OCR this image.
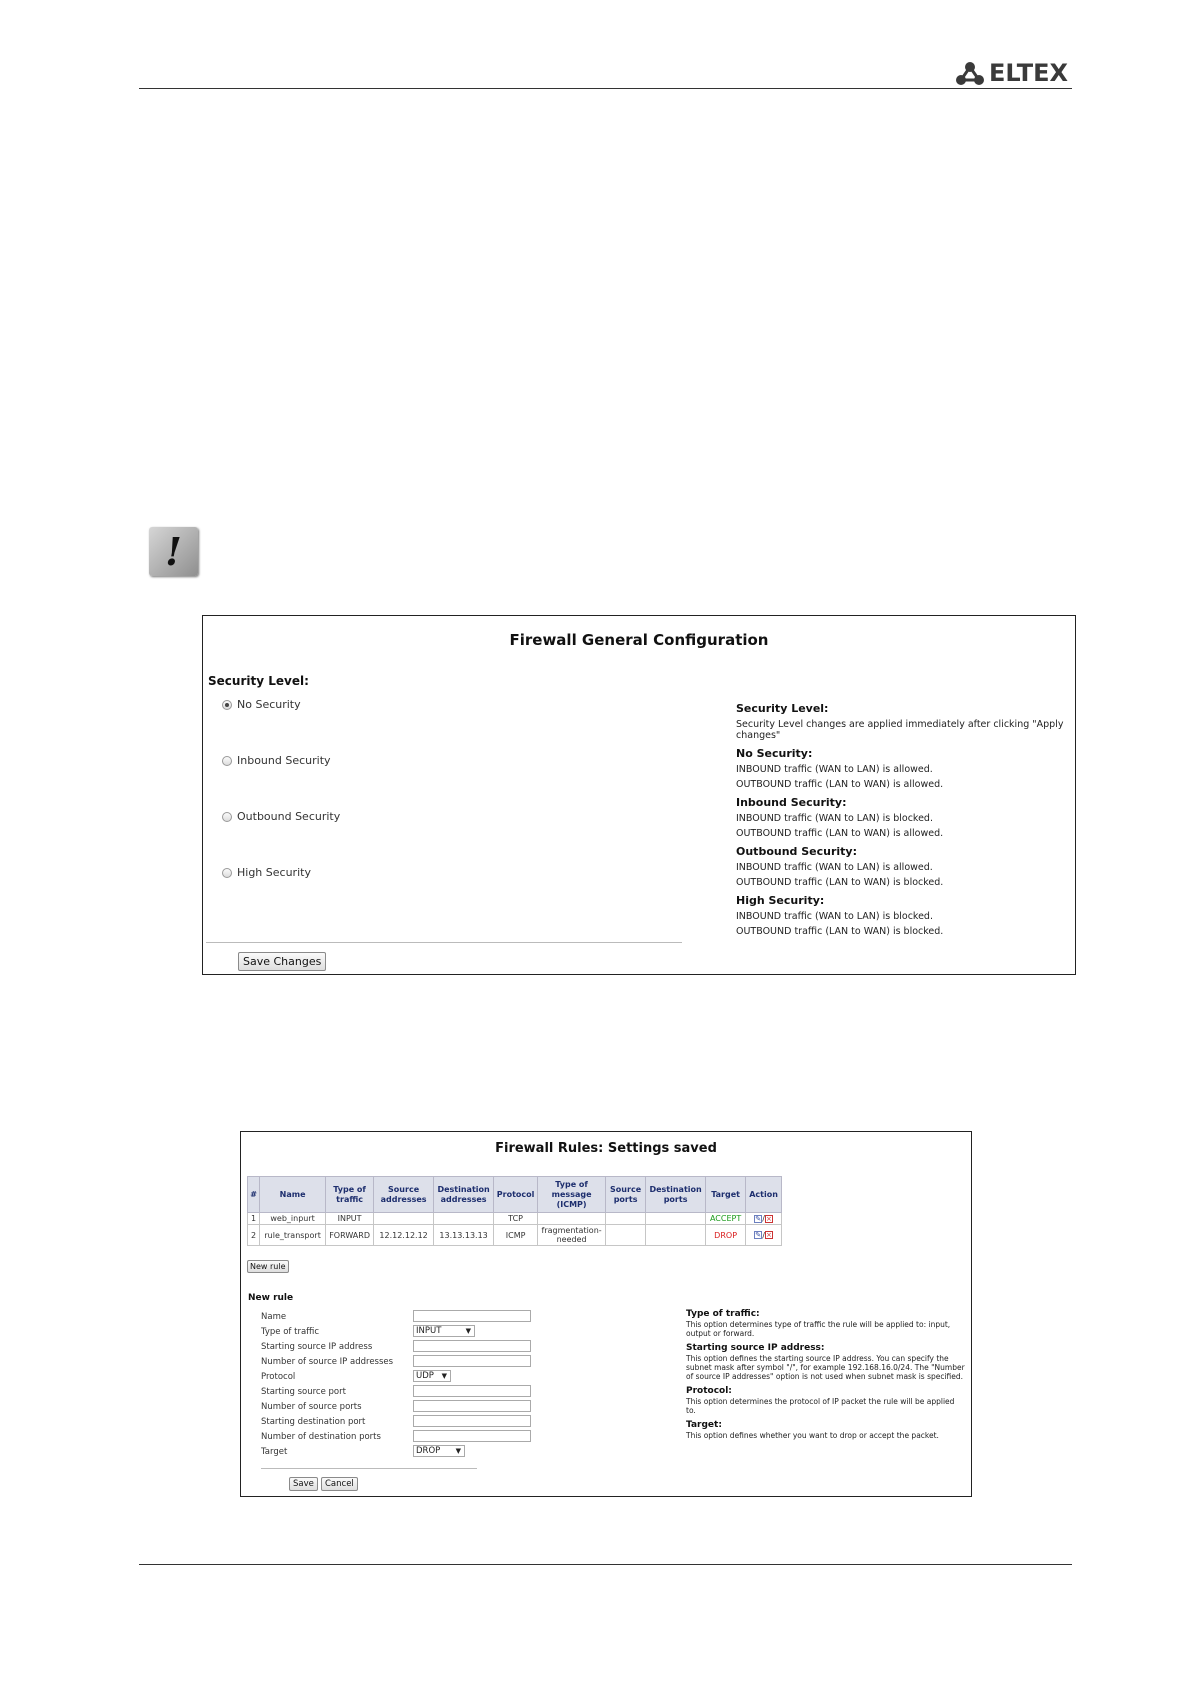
ELTEX
!
Firewall General Configuration
Security Level:
No Security
Inbound Security
Outbound Security
High Security
Save Changes
Security Level:
Security Level changes are applied immediately after clicking "Apply changes"
No Security:
INBOUND traffic (WAN to LAN) is allowed.
OUTBOUND traffic (LAN to WAN) is allowed.
Inbound Security:
INBOUND traffic (WAN to LAN) is blocked.
OUTBOUND traffic (LAN to WAN) is allowed.
Outbound Security:
INBOUND traffic (WAN to LAN) is allowed.
OUTBOUND traffic (LAN to WAN) is blocked.
High Security:
INBOUND traffic (WAN to LAN) is blocked.
OUTBOUND traffic (LAN to WAN) is blocked.
Firewall Rules: Settings saved
#	Name	Type of traffic	Source addresses	Destination addresses	Protocol	Type of message (ICMP)	Source ports	Destination ports	Target	Action
1	web_inpurt	INPUT			TCP				ACCEPT	✎/×
2	rule_transport	FORWARD	12.12.12.12	13.13.13.13	ICMP	fragmentation-needed			DROP	✎/×
New rule
New rule
Name
Type of traffic	INPUT	▼
Starting source IP address
Number of source IP addresses
Protocol	UDP ▼
Starting source port
Number of source ports
Starting destination port
Number of destination ports
Target	DROP ▼
Save	Cancel
Type of traffic:
This option determines type of traffic the rule will be applied to: input, output or forward.
Starting source IP address:
This option defines the starting source IP address. You can specify the subnet mask after symbol "/", for example 192.168.16.0/24. The "Number of source IP addresses" option is not used when subnet mask is specified.
Protocol:
This option determines the protocol of IP packet the rule will be applied to.
Target:
This option defines whether you want to drop or accept the packet.
